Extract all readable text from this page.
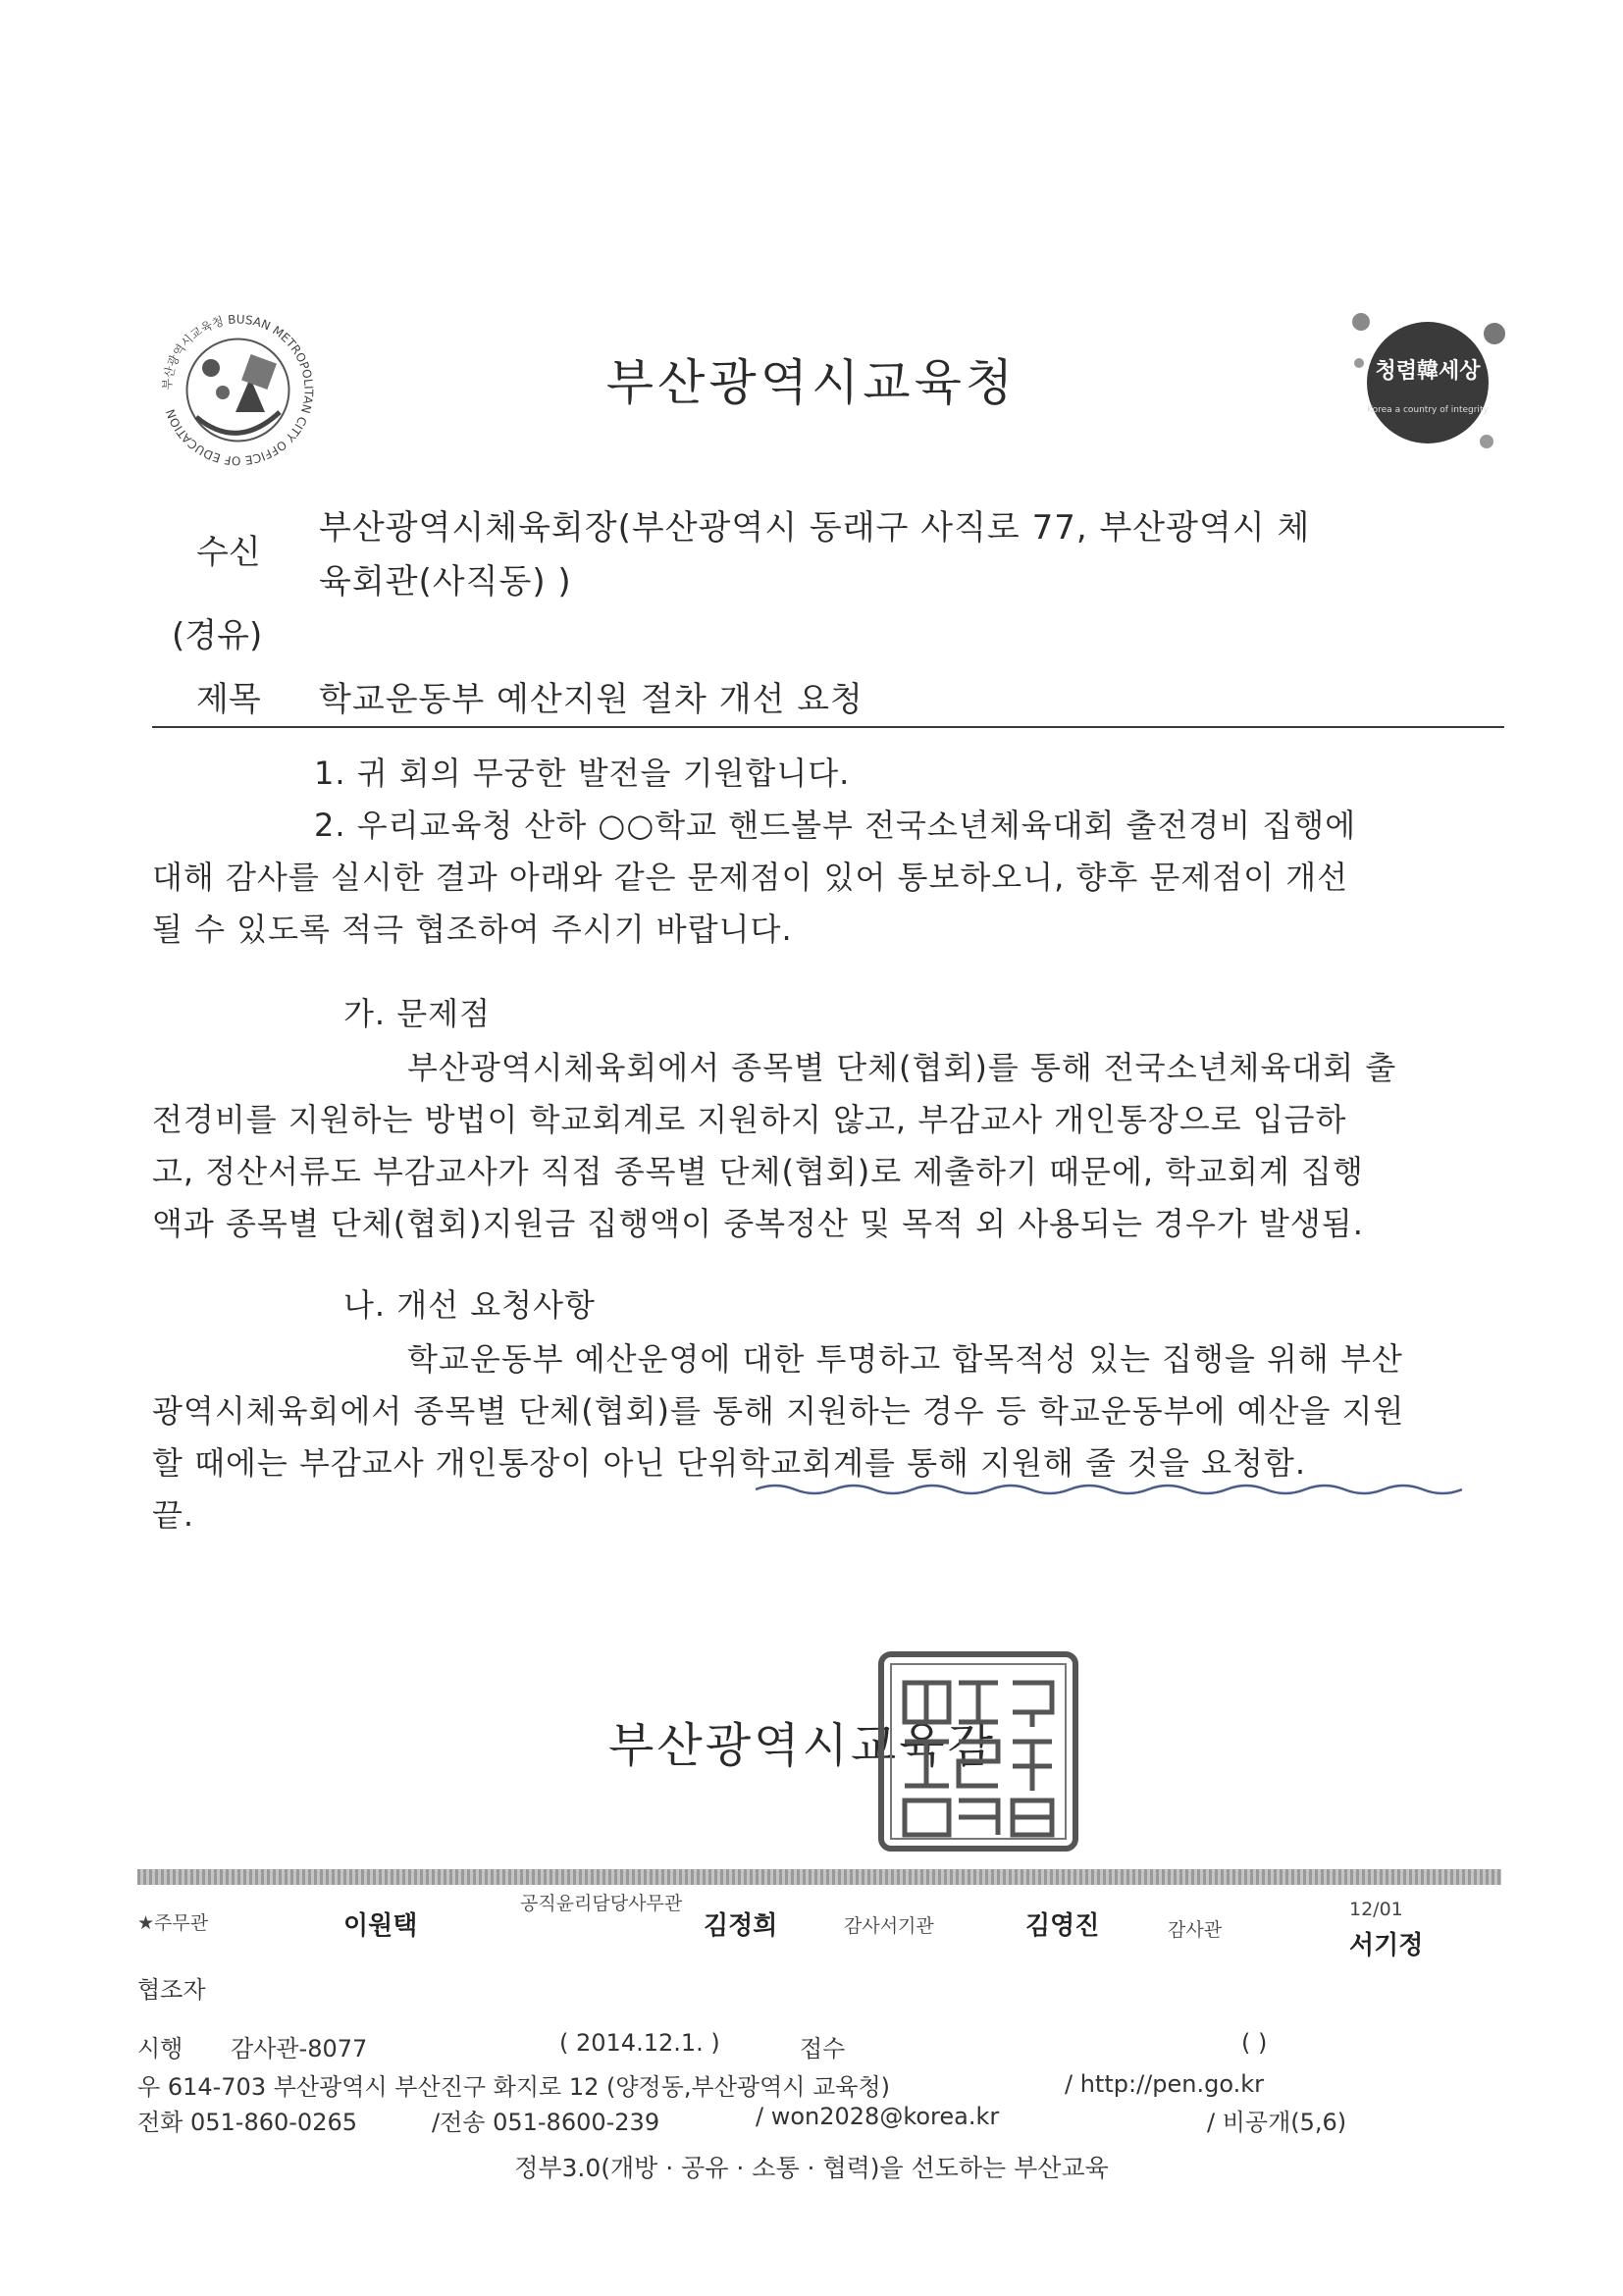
부산광역시교육청 BUSAN METROPOLITAN CITY OFFICE OF EDUCATION
청렴韓세상
Korea a country of integrity
부산광역시교육청
수신
부산광역시체육회장(부산광역시 동래구 사직로 77, 부산광역시 체
육회관(사직동) )
(경유)
제목 학교운동부 예산지원 절차 개선 요청
1. 귀 회의 무궁한 발전을 기원합니다.
2. 우리교육청 산하 ○○학교 핸드볼부 전국소년체육대회 출전경비 집행에
대해 감사를 실시한 결과 아래와 같은 문제점이 있어 통보하오니, 향후 문제점이 개선
될 수 있도록 적극 협조하여 주시기 바랍니다.
가. 문제점
부산광역시체육회에서 종목별 단체(협회)를 통해 전국소년체육대회 출
전경비를 지원하는 방법이 학교회계로 지원하지 않고, 부감교사 개인통장으로 입금하
고, 정산서류도 부감교사가 직접 종목별 단체(협회)로 제출하기 때문에, 학교회계 집행
액과 종목별 단체(협회)지원금 집행액이 중복정산 및 목적 외 사용되는 경우가 발생됨.
나. 개선 요청사항
학교운동부 예산운영에 대한 투명하고 합목적성 있는 집행을 위해 부산
광역시체육회에서 종목별 단체(협회)를 통해 지원하는 경우 등 학교운동부에 예산을 지원
할 때에는 부감교사 개인통장이 아닌 단위학교회계를 통해 지원해 줄 것을 요청함.
끝.
부산광역시교육감
★주무관	이원택
공직윤리담당사무관
김정희	감사서기관	김영진	감사관
12/01
서기정
협조자
시행 감사관-8077	( 2014.12.1. )	접수	( )
우 614-703 부산광역시 부산진구 화지로 12 (양정동,부산광역시 교육청)	/ http://pen.go.kr
전화 051-860-0265	/전송 051-8600-239	/ won2028@korea.kr	/ 비공개(5,6)
정부3.0(개방 · 공유 · 소통 · 협력)을 선도하는 부산교육
